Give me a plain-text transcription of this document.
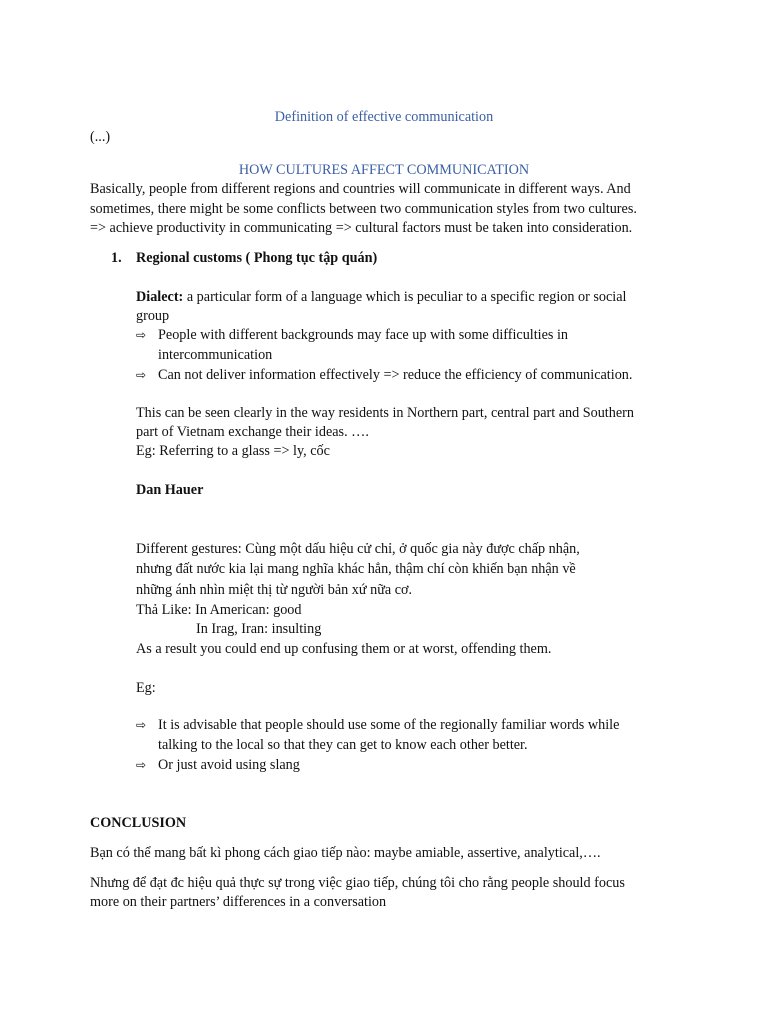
Definition of effective communication
(...)
HOW CULTURES AFFECT COMMUNICATION
Basically, people from different regions and countries will communicate in different ways. And
sometimes, there might be some conflicts between two communication styles from two cultures.
=> achieve productivity in communicating => cultural factors must be taken into consideration.
1. Regional customs ( Phong tục tập quán)
Dialect: a particular form of a language which is peculiar to a specific region or social
group
⇨ People with different backgrounds may face up with some difficulties in
intercommunication
⇨ Can not deliver information effectively => reduce the efficiency of communication.
This can be seen clearly in the way residents in Northern part, central part and Southern
part of Vietnam exchange their ideas. ….
Eg: Referring to a glass => ly, cốc
Dan Hauer
Different gestures: Cùng một dấu hiệu cử chỉ, ở quốc gia này được chấp nhận,
nhưng đất nước kia lại mang nghĩa khác hẳn, thậm chí còn khiến bạn nhận về
những ánh nhìn miệt thị từ người bản xứ nữa cơ.
Thả Like: In American: good
In Irag, Iran: insulting
As a result you could end up confusing them or at worst, offending them.
Eg:
⇨ It is advisable that people should use some of the regionally familiar words while
talking to the local so that they can get to know each other better.
⇨ Or just avoid using slang
CONCLUSION
Bạn có thể mang bất kì phong cách giao tiếp nào: maybe amiable, assertive, analytical,….
Nhưng để đạt đc hiệu quả thực sự trong việc giao tiếp, chúng tôi cho rằng people should focus
more on their partners’ differences in a conversation
